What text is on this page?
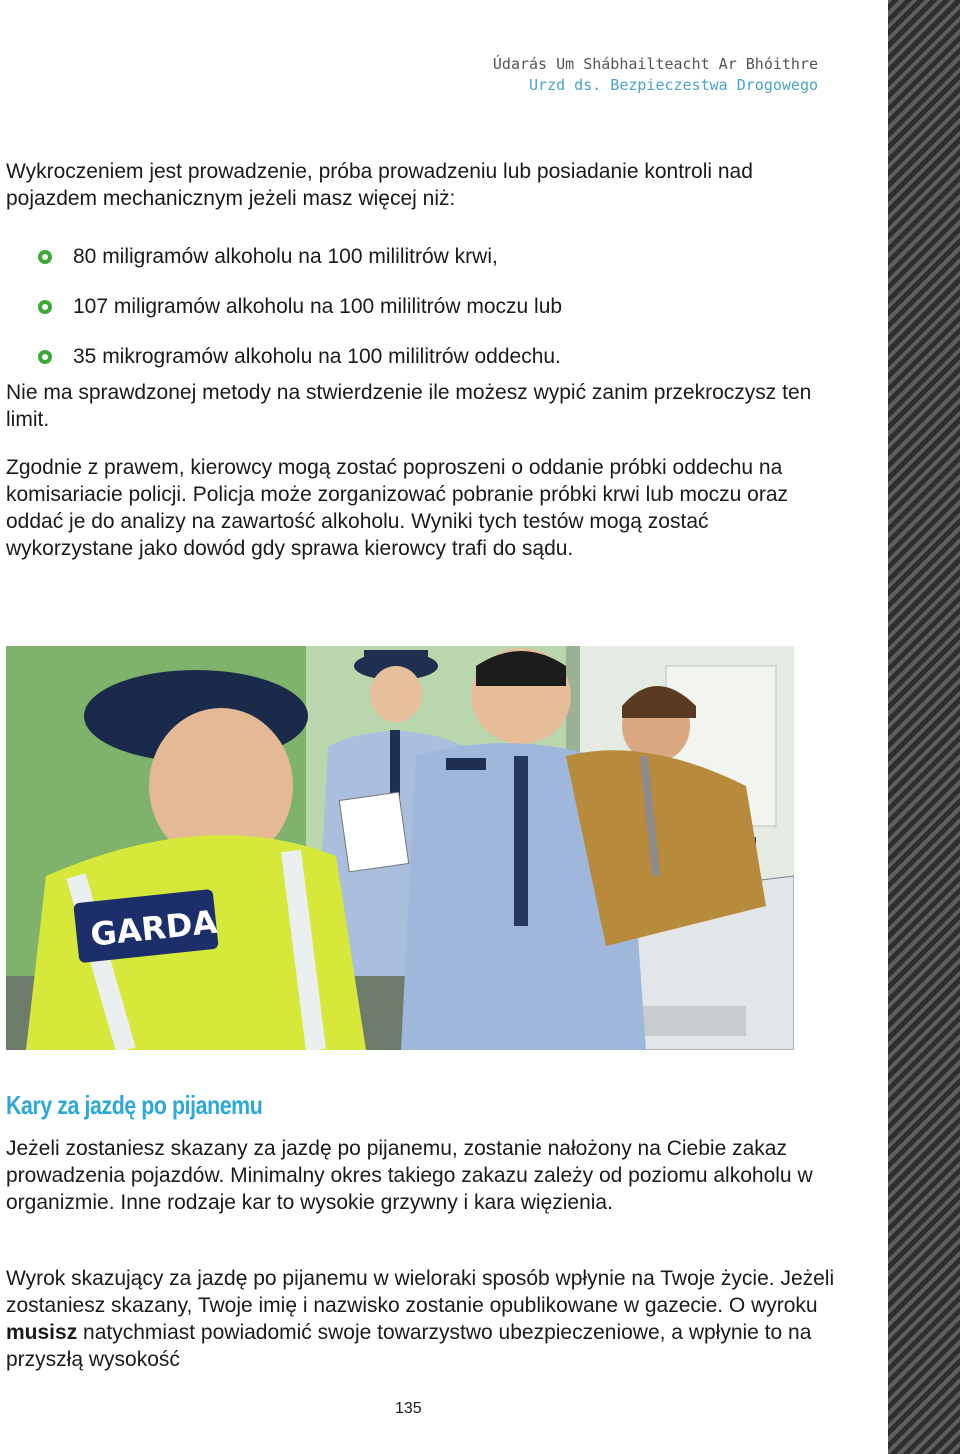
Údarás Um Shábhailteacht Ar Bhóithre
Urzd ds. Bezpieczestwa Drogowego
Wykroczeniem jest prowadzenie, próba prowadzeniu lub posiadanie kontroli nad pojazdem mechanicznym jeżeli masz więcej niż:
80 miligramów alkoholu na 100 mililitrów krwi,
107 miligramów alkoholu na 100 mililitrów moczu lub
35 mikrogramów alkoholu na 100 mililitrów oddechu.
Nie ma sprawdzonej metody na stwierdzenie ile możesz wypić zanim przekroczysz ten limit.
Zgodnie z prawem, kierowcy mogą zostać poproszeni o oddanie próbki oddechu na komisariacie policji. Policja może zorganizować pobranie próbki krwi lub moczu oraz oddać je do analizy na zawartość alkoholu. Wyniki tych testów mogą zostać wykorzystane jako dowód gdy sprawa kierowcy trafi do sądu.
GARDA
Kary za jazdę po pijanemu
Jeżeli zostaniesz skazany za jazdę po pijanemu, zostanie nałożony na Ciebie zakaz prowadzenia pojazdów. Minimalny okres takiego zakazu zależy od poziomu alkoholu w organizmie. Inne rodzaje kar to wysokie grzywny i kara więzienia.
Wyrok skazujący za jazdę po pijanemu w wieloraki sposób wpłynie na Twoje życie. Jeżeli zostaniesz skazany, Twoje imię i nazwisko zostanie opublikowane w gazecie. O wyroku musisz natychmiast powiadomić swoje towarzystwo ubezpieczeniowe, a wpłynie to na przyszłą wysokość
135
